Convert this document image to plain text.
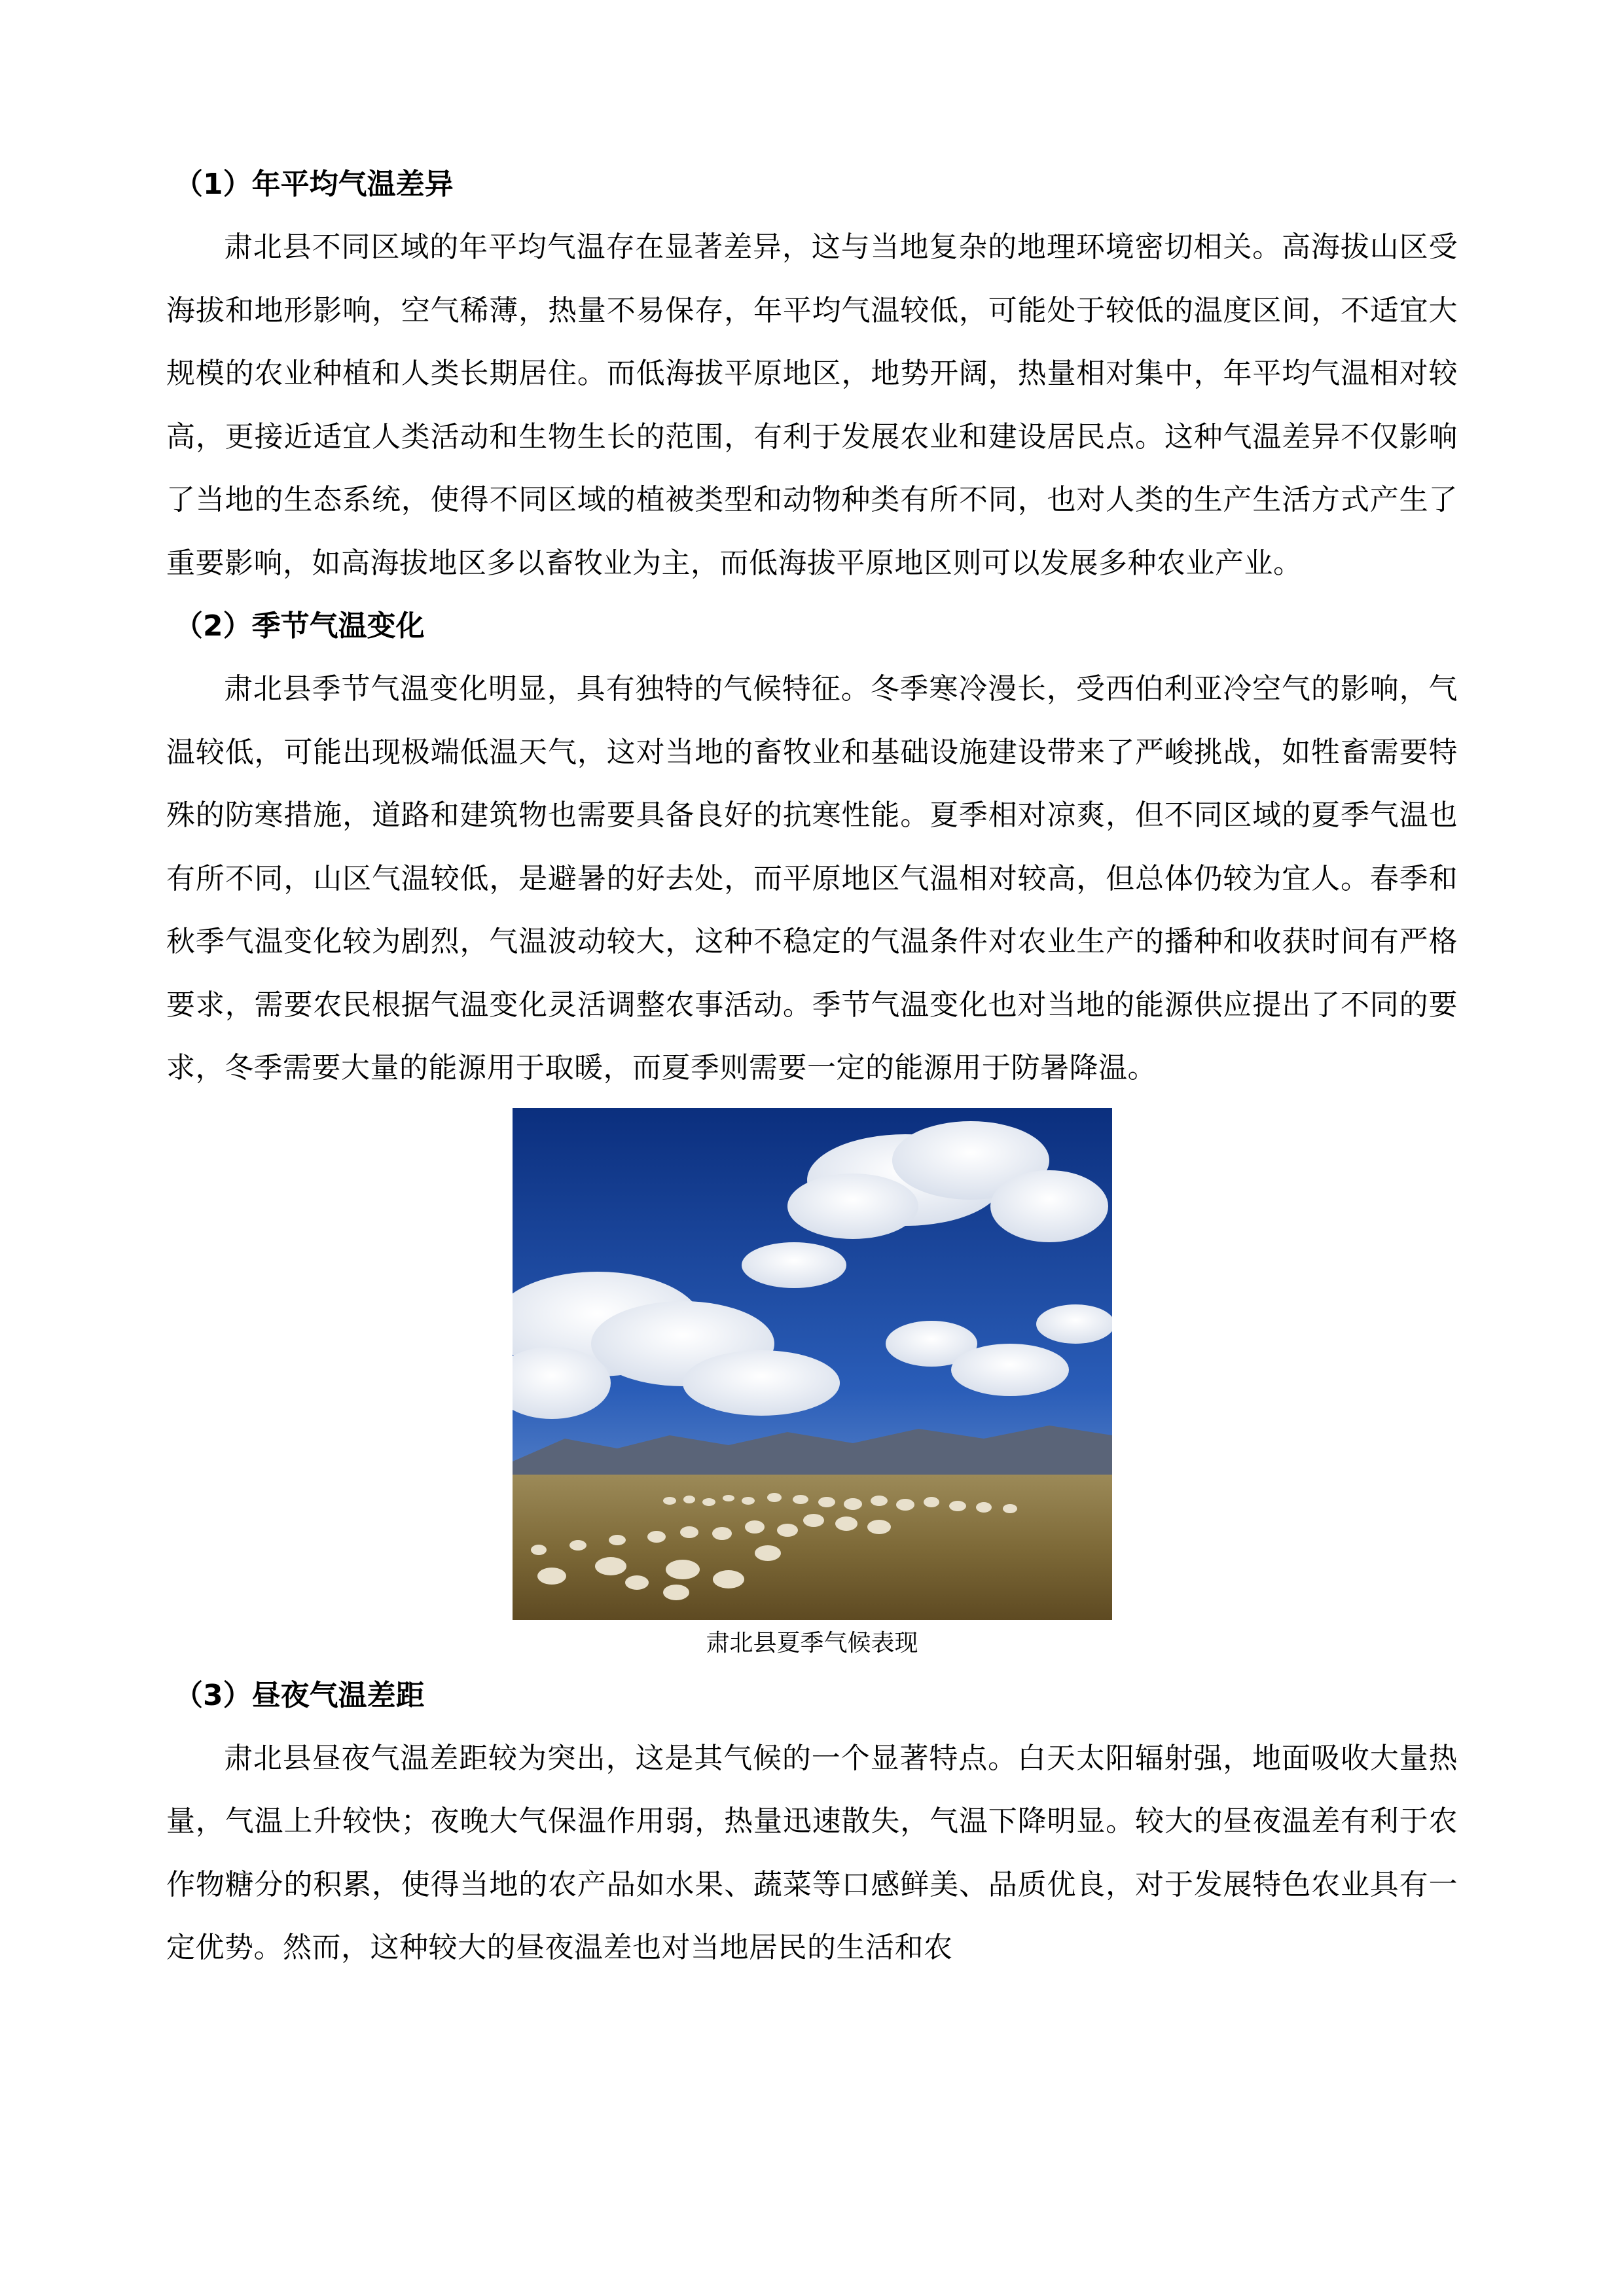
（1）年平均气温差异

肃北县不同区域的年平均气温存在显著差异，这与当地复杂的地理环境密切相关。高海拔山区受海拔和地形影响，空气稀薄，热量不易保存，年平均气温较低，可能处于较低的温度区间，不适宜大规模的农业种植和人类长期居住。而低海拔平原地区，地势开阔，热量相对集中，年平均气温相对较高，更接近适宜人类活动和生物生长的范围，有利于发展农业和建设居民点。这种气温差异不仅影响了当地的生态系统，使得不同区域的植被类型和动物种类有所不同，也对人类的生产生活方式产生了重要影响，如高海拔地区多以畜牧业为主，而低海拔平原地区则可以发展多种农业产业。

（2）季节气温变化

肃北县季节气温变化明显，具有独特的气候特征。冬季寒冷漫长，受西伯利亚冷空气的影响，气温较低，可能出现极端低温天气，这对当地的畜牧业和基础设施建设带来了严峻挑战，如牲畜需要特殊的防寒措施，道路和建筑物也需要具备良好的抗寒性能。夏季相对凉爽，但不同区域的夏季气温也有所不同，山区气温较低，是避暑的好去处，而平原地区气温相对较高，但总体仍较为宜人。春季和秋季气温变化较为剧烈，气温波动较大，这种不稳定的气温条件对农业生产的播种和收获时间有严格要求，需要农民根据气温变化灵活调整农事活动。季节气温变化也对当地的能源供应提出了不同的要求，冬季需要大量的能源用于取暖，而夏季则需要一定的能源用于防暑降温。

肃北县夏季气候表现

（3）昼夜气温差距

肃北县昼夜气温差距较为突出，这是其气候的一个显著特点。白天太阳辐射强，地面吸收大量热量，气温上升较快；夜晚大气保温作用弱，热量迅速散失，气温下降明显。较大的昼夜温差有利于农作物糖分的积累，使得当地的农产品如水果、蔬菜等口感鲜美、品质优良，对于发展特色农业具有一定优势。然而，这种较大的昼夜温差也对当地居民的生活和农
